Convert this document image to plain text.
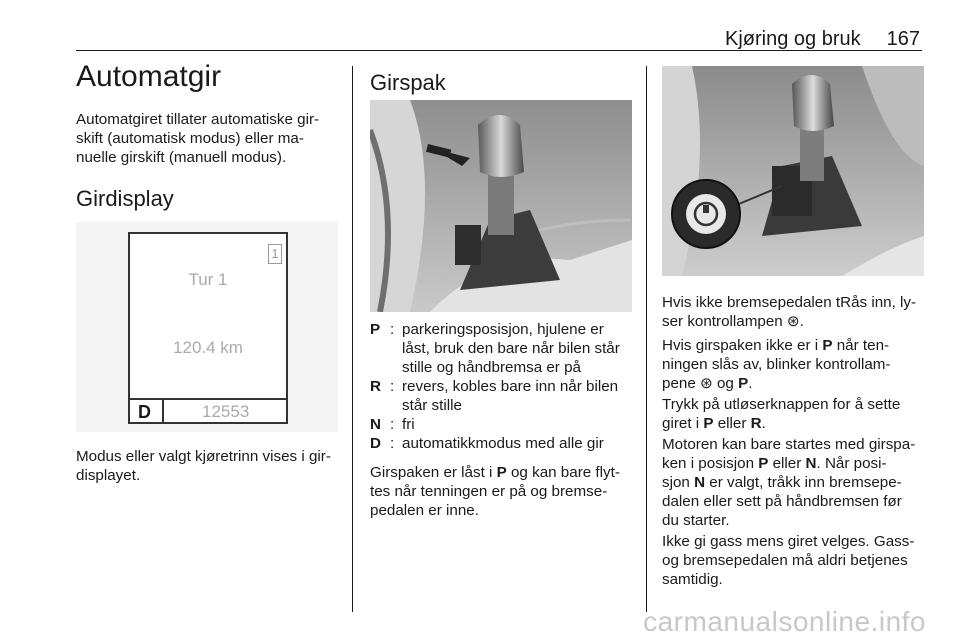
Kjøring og bruk 167
Automatgir
Automatgiret tillater automatiske gir-
skift (automatisk modus) eller ma-
nuelle girskift (manuell modus).
Girdisplay
1
Tur 1
120.4 km
D	12553
Modus eller valgt kjøretrinn vises i gir-
displayet.
Girspak
P : parkeringsposisjon, hjulene er låst, bruk den bare når bilen står stille og håndbremsa er på
R : revers, kobles bare inn når bilen står stille
N : fri
D : automatikkmodus med alle gir
Girspaken er låst i P og kan bare flyt-
tes når tenningen er på og bremse-
pedalen er inne.
Hvis ikke bremsepedalen tRås inn, ly-
ser kontrollampen ⊛.
Hvis girspaken ikke er i P når ten-
ningen slås av, blinker kontrollam-
pene ⊛ og P.
Trykk på utløserknappen for å sette
giret i P eller R.
Motoren kan bare startes med girspa-
ken i posisjon P eller N. Når posi-
sjon N er valgt, tråkk inn bremsepe-
dalen eller sett på håndbremsen før
du starter.
Ikke gi gass mens giret velges. Gass-
og bremsepedalen må aldri betjenes
samtidig.
carmanualsonline.info
